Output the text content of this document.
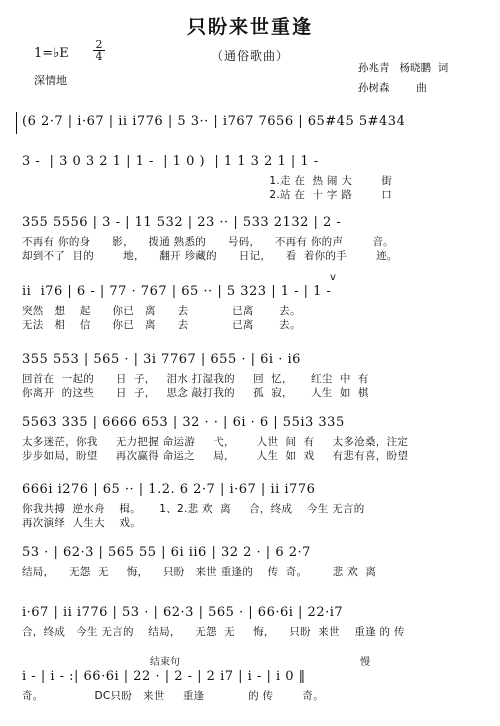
只盼来世重逢
（通俗歌曲）
1=♭E
2
4
深情地
孙兆青   杨晓鹏  词
孙树森        曲
(6 2·7 | i·67 | ii i776 | 5 3·· | i767 7656 | 65#45 5#434
3 -  | 3 0 3 2 1 | 1 -  | 1 0 )  | 1 1 3 2 1 | 1 -
1.走 在  热 闹 大        街
2.站 在  十 字 路        口
355 5556 | 3 - | 11 532 | 23 ·· | 533 2132 | 2 -
不再有 你的身      影，    拨通 熟悉的      号码，    不再有 你的声        音。
却到不了  目的        地，    翻开 珍藏的      日记，    看  着你的手        迹。
ii  i76 | 6 - | 77 · 767 | 65 ·· | 5 323 | 1 - | 1 -
v
突然   想    起      你已   离      去            已离       去。
无法   相    信      你已   离      去            已离       去。
355 553 | 565 · | 3i 7767 | 655 · | 6i · i6
回首在  一起的      日  子，   泪水 打湿我的     回  忆，     红尘  中  有
你离开  的这些      日  子，   思念 敲打我的     孤  寂，     人生  如  棋
5563 335 | 6666 653 | 32 · · | 6i · 6 | 55i3 335
太多迷茫，你我     无力把握 命运游     弋，      人世  间  有     太多沧桑，注定
步步如局，盼望     再次赢得 命运之     局，      人生  如  戏     有悲有喜，盼望
666i i276 | 65 ·· | 1.2. 6 2·7 | i·67 | ii i776
你我共搏  逆水舟    楫。     1、2.悲 欢  离     合，终成    今生 无言的
再次演绎  人生大    戏。
53 · | 62·3 | 565 55 | 6i ii6 | 32 2 · | 6 2·7
结局，    无怨  无     悔，    只盼   来世 重逢的    传  奇。       悲 欢  离
i·67 | ii i776 | 53 · | 62·3 | 565 · | 66·6i | 22·i7
合，终成   今生 无言的    结局，    无怨  无     悔，    只盼  来世    重逢 的 传
结束句	慢
i - | i - :| 66·6i | 22 · | 2 - | 2 i7 | i - | i 0 ‖
奇。              DC只盼   来世     重逢            的 传        奇。
